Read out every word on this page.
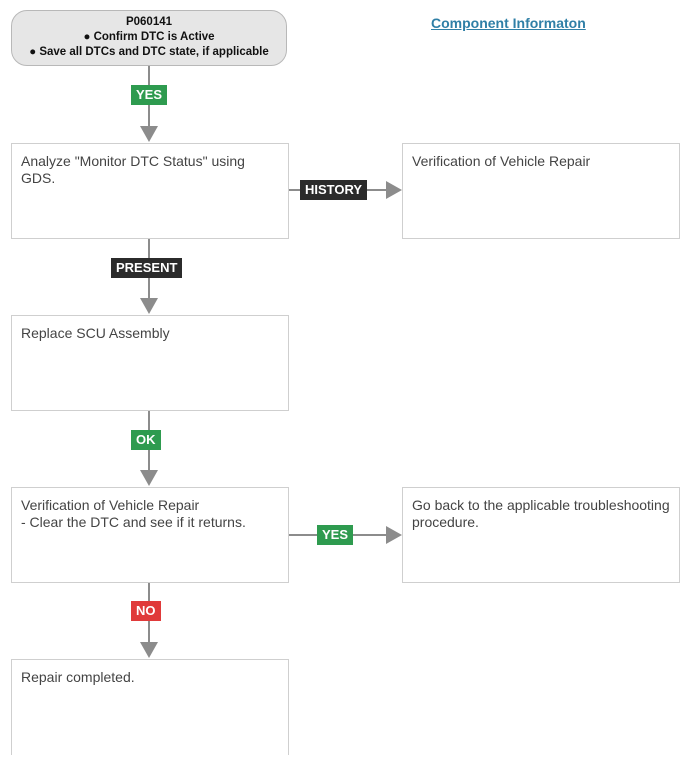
P060141
● Confirm DTC is Active
● Save all DTCs and DTC state, if applicable
Component Informaton
YES
Analyze "Monitor DTC Status" using GDS.
HISTORY
Verification of Vehicle Repair
PRESENT
Replace SCU Assembly
OK
Verification of Vehicle Repair
- Clear the DTC and see if it returns.
YES
Go back to the applicable troubleshooting procedure.
NO
Repair completed.
